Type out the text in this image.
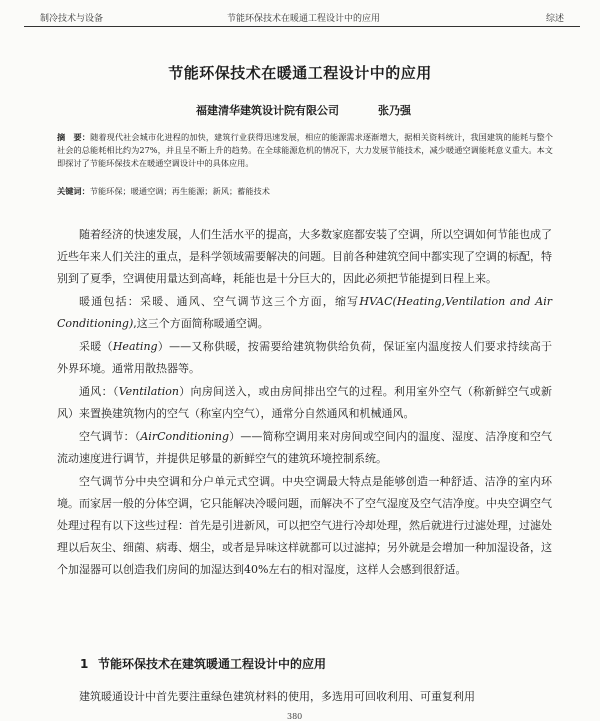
制冷技术与设备	节能环保技术在暖通工程设计中的应用	综述
节能环保技术在暖通工程设计中的应用
福建清华建筑设计院有限公司	张乃强
摘　要：随着现代社会城市化进程的加快，建筑行业获得迅速发展，相应的能源需求逐渐增大，据相关资料统计，我国建筑的能耗与整个社会的总能耗相比约为27%，并且呈不断上升的趋势。在全球能源危机的情况下，大力发展节能技术，减少暖通空调能耗意义重大。本文即探讨了节能环保技术在暖通空调设计中的具体应用。
关键词：节能环保；暖通空调；再生能源；新风；蓄能技术

随着经济的快速发展，人们生活水平的提高，大多数家庭都安装了空调，所以空调如何节能也成了近些年来人们关注的重点，是科学领域需要解决的问题。目前各种建筑空间中都实现了空调的标配，特别到了夏季，空调使用量达到高峰，耗能也是十分巨大的，因此必须把节能提到日程上来。

暖通包括：采暖、通风、空气调节这三个方面，缩写HVAC(Heating,Ventilation and Air Conditioning),这三个方面简称暖通空调。

采暖（Heating）——又称供暖，按需要给建筑物供给负荷，保证室内温度按人们要求持续高于外界环境。通常用散热器等。

通风：（Ventilation）向房间送入，或由房间排出空气的过程。利用室外空气（称新鲜空气或新风）来置换建筑物内的空气（称室内空气），通常分自然通风和机械通风。

空气调节：（AirConditioning）——简称空调用来对房间或空间内的温度、湿度、洁净度和空气流动速度进行调节，并提供足够量的新鲜空气的建筑环境控制系统。

空气调节分中央空调和分户单元式空调。中央空调最大特点是能够创造一种舒适、洁净的室内环境。而家居一般的分体空调，它只能解决冷暖问题，而解决不了空气湿度及空气洁净度。中央空调空气处理过程有以下这些过程：首先是引进新风，可以把空气进行冷却处理，然后就进行过滤处理，过滤处理以后灰尘、细菌、病毒、烟尘，或者是异味这样就都可以过滤掉；另外就是会增加一种加湿设备，这个加湿器可以创造我们房间的加湿达到40%左右的相对湿度，这样人会感到很舒适。

1 节能环保技术在建筑暖通工程设计中的应用
建筑暖通设计中首先要注重绿色建筑材料的使用，多选用可回收利用、可重复利用
380
